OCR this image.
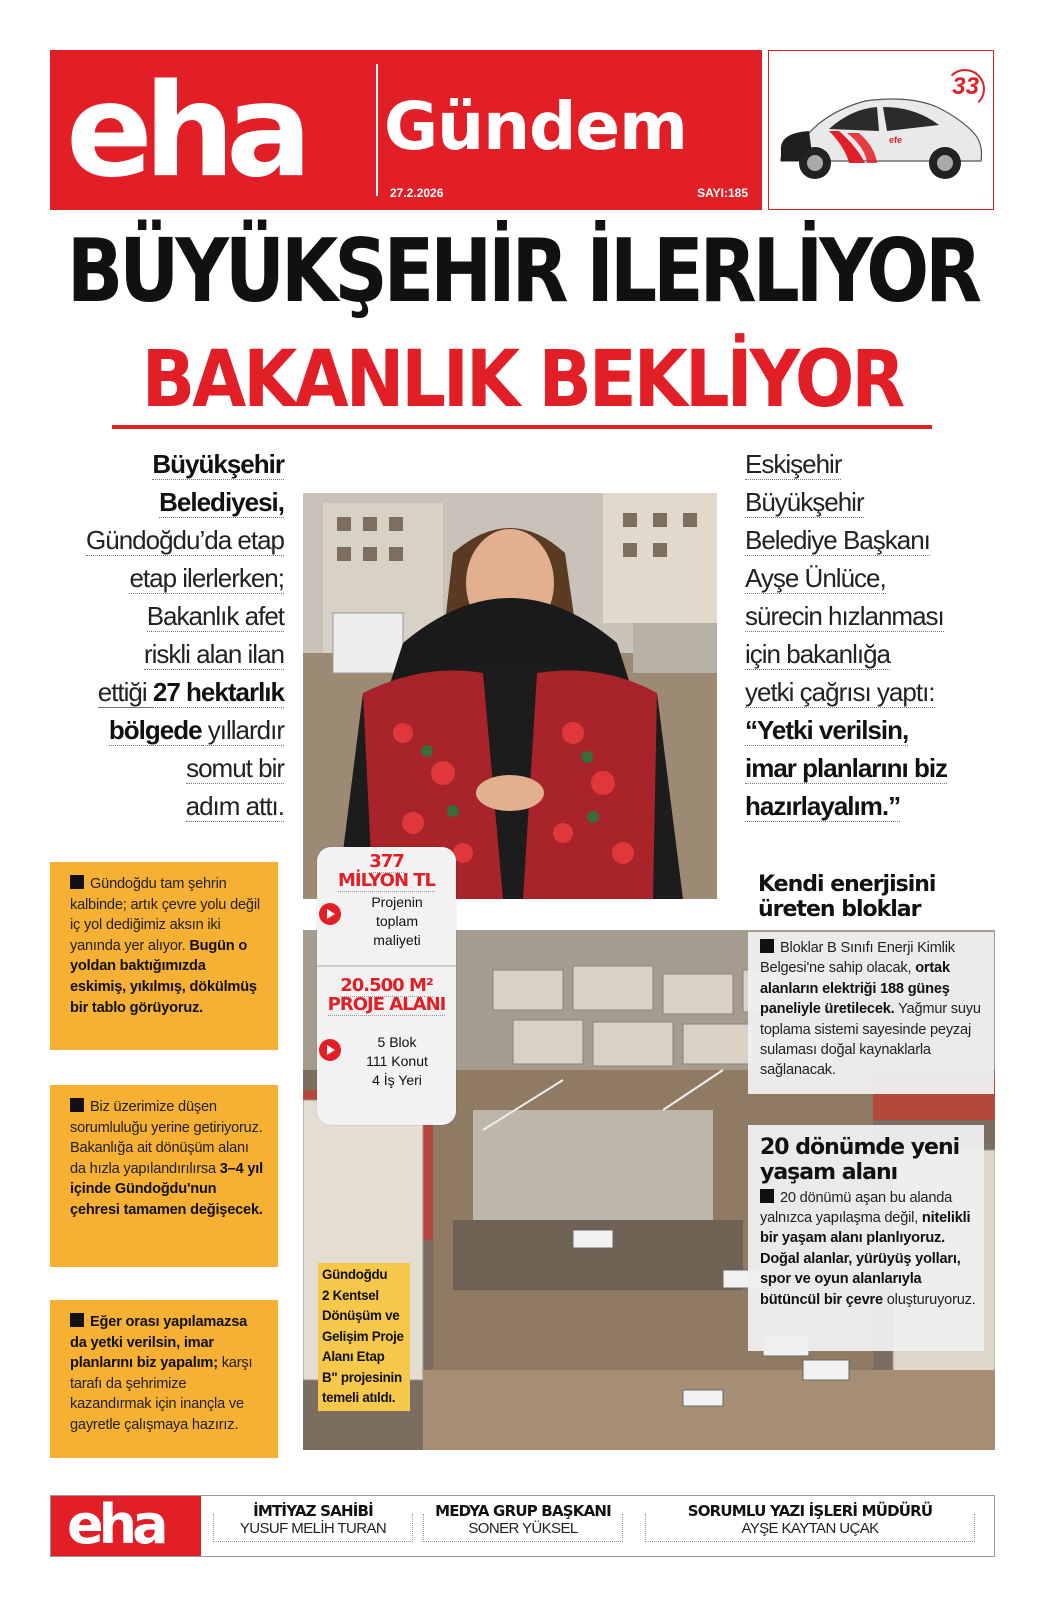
eha Gündem
27.2.2026	SAYI:185
33
efe
BÜYÜKŞEHİR İLERLİYOR
BAKANLIK BEKLİYOR
Büyükşehir
Belediyesi,
Gündoğdu’da etap
etap ilerlerken;
Bakanlık afet
riskli alan ilan
ettiği 27 hektarlık
bölgede yıllardır
somut bir
adım attı.
Eskişehir
Büyükşehir
Belediye Başkanı
Ayşe Ünlüce,
sürecin hızlanması
için bakanlığa
yetki çağrısı yaptı:
“Yetki verilsin,
imar planlarını biz
hazırlayalım.”
377
MİLYON TL
Projenin
toplam
maliyeti
20.500 M²
PROJE ALANI
5 Blok
111 Konut
4 İş Yeri
Gündoğdu tam şehrin kalbinde; artık çevre yolu değil iç yol dediğimiz aksın iki yanında yer alıyor. Bugün o yoldan baktığımızda eskimiş, yıkılmış, dökülmüş bir tablo görüyoruz.
Biz üzerimize düşen sorumluluğu yerine getiriyoruz. Bakanlığa ait dönüşüm alanı da hızla yapılandırılırsa 3–4 yıl içinde Gündoğdu'nun çehresi tamamen değişecek.
Eğer orası yapılamazsa da yetki verilsin, imar planlarını biz yapalım; karşı tarafı da şehrimize kazandırmak için inançla ve gayretle çalışmaya hazırız.
Kendi enerjisini
üreten bloklar
Bloklar B Sınıfı Enerji Kimlik Belgesi'ne sahip olacak, ortak alanların elektriği 188 güneş paneliyle üretilecek. Yağmur suyu toplama sistemi sayesinde peyzaj sulaması doğal kaynaklarla sağlanacak.
20 dönümde yeni
yaşam alanı
20 dönümü aşan bu alanda yalnızca yapılaşma değil, nitelikli bir yaşam alanı planlıyoruz. Doğal alanlar, yürüyüş yolları, spor ve oyun alanlarıyla bütüncül bir çevre oluşturuyoruz.
Gündoğdu
2 Kentsel
Dönüşüm ve
Gelişim Proje
Alanı Etap
B" projesinin
temeli atıldı.
eha	İMTİYAZ SAHİBİ
YUSUF MELİH TURAN
MEDYA GRUP BAŞKANI
SONER YÜKSEL
SORUMLU YAZI İŞLERİ MÜDÜRÜ
AYŞE KAYTAN UÇAK
